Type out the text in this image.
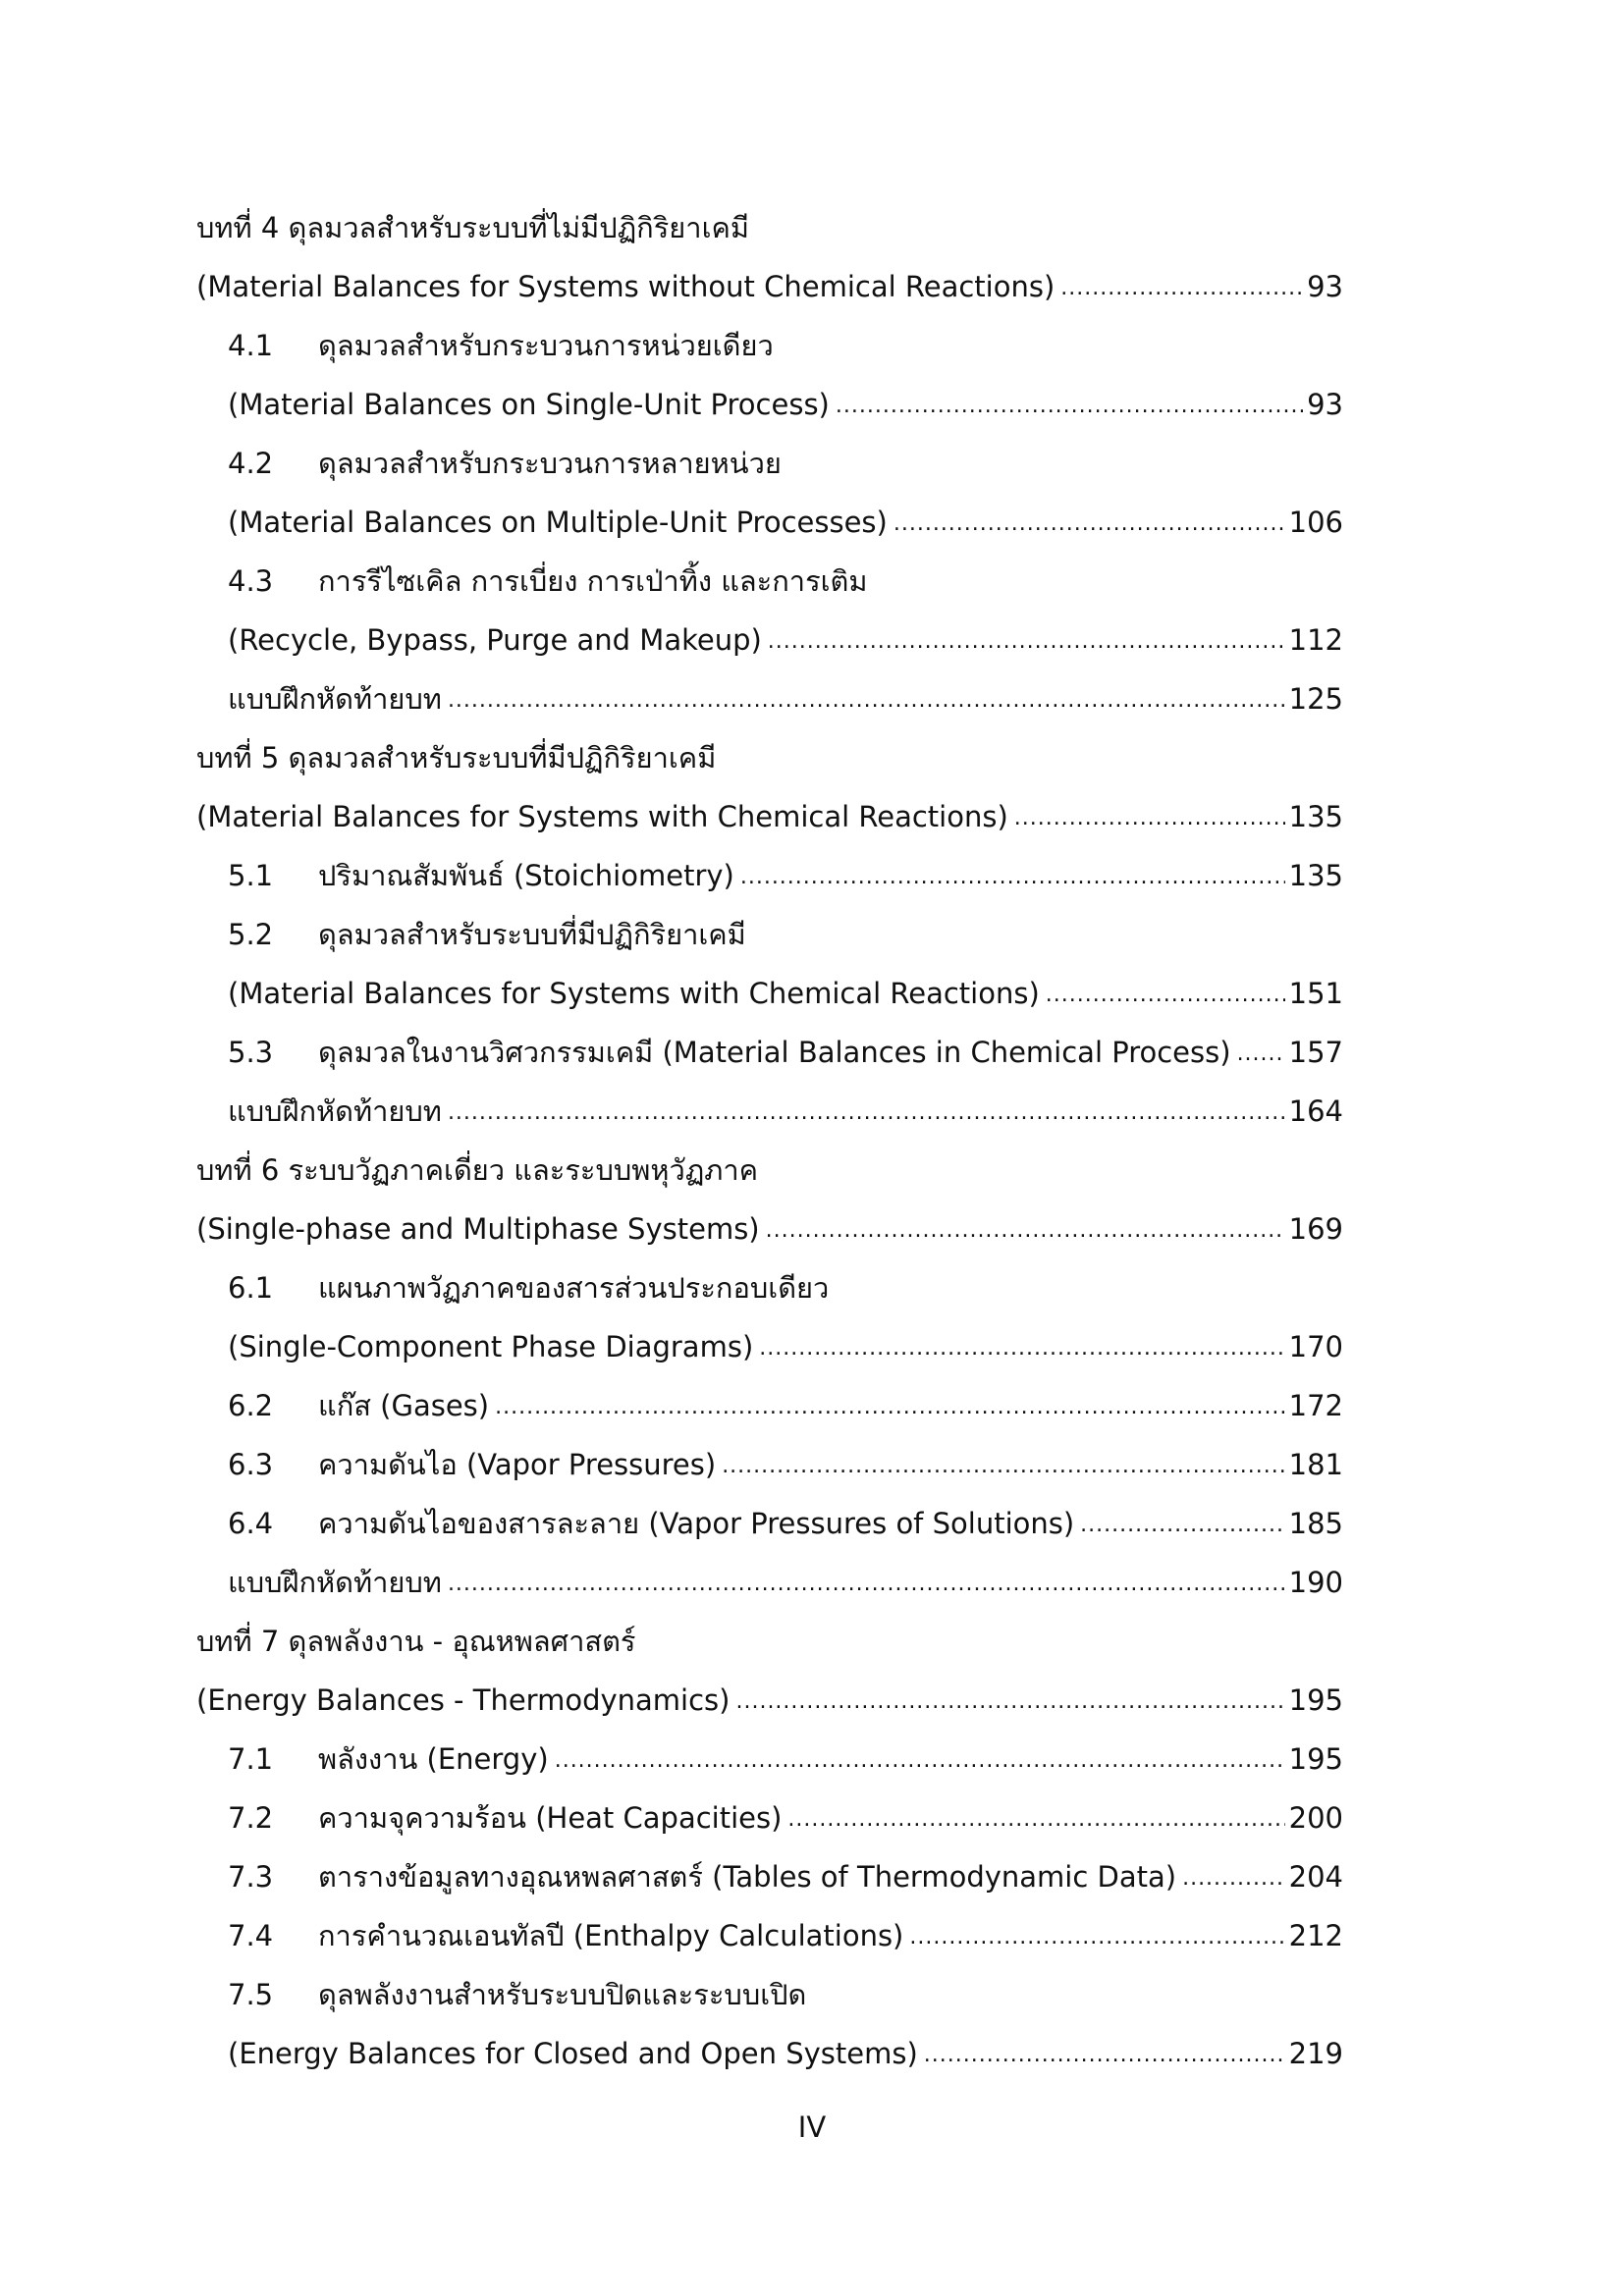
บทที่ 4 ดุลมวลสำหรับระบบที่ไม่มีปฏิกิริยาเคมี
(Material Balances for Systems without Chemical Reactions) .....	93
4.1	ดุลมวลสำหรับกระบวนการหน่วยเดียว
(Material Balances on Single-Unit Process) .....	93
4.2	ดุลมวลสำหรับกระบวนการหลายหน่วย
(Material Balances on Multiple-Unit Processes) .....	106
4.3	การรีไซเคิล การเบี่ยง การเป่าทิ้ง และการเติม
(Recycle, Bypass, Purge and Makeup) .....	112
แบบฝึกหัดท้ายบท .....	125
บทที่ 5 ดุลมวลสำหรับระบบที่มีปฏิกิริยาเคมี
(Material Balances for Systems with Chemical Reactions) .....	135
5.1	ปริมาณสัมพันธ์ (Stoichiometry) .....	135
5.2	ดุลมวลสำหรับระบบที่มีปฏิกิริยาเคมี
(Material Balances for Systems with Chemical Reactions) .....	151
5.3	ดุลมวลในงานวิศวกรรมเคมี (Material Balances in Chemical Process) ..... 157
แบบฝึกหัดท้ายบท .....	164
บทที่ 6 ระบบวัฏภาคเดี่ยว และระบบพหุวัฏภาค
(Single-phase and Multiphase Systems) .....	169
6.1	แผนภาพวัฏภาคของสารส่วนประกอบเดียว
(Single-Component Phase Diagrams) .....	170
6.2	แก๊ส (Gases) .....	172
6.3	ความดันไอ (Vapor Pressures) .....	181
6.4	ความดันไอของสารละลาย (Vapor Pressures of Solutions) .....	185
แบบฝึกหัดท้ายบท .....	190
บทที่ 7 ดุลพลังงาน - อุณหพลศาสตร์
(Energy Balances - Thermodynamics) .....	195
7.1	พลังงาน (Energy) .....	195
7.2	ความจุความร้อน (Heat Capacities) .....	200
7.3	ตารางข้อมูลทางอุณหพลศาสตร์ (Tables of Thermodynamic Data) .....	204
7.4	การคำนวณเอนทัลปี (Enthalpy Calculations) .....	212
7.5	ดุลพลังงานสำหรับระบบปิดและระบบเปิด
(Energy Balances for Closed and Open Systems) .....	219
IV
